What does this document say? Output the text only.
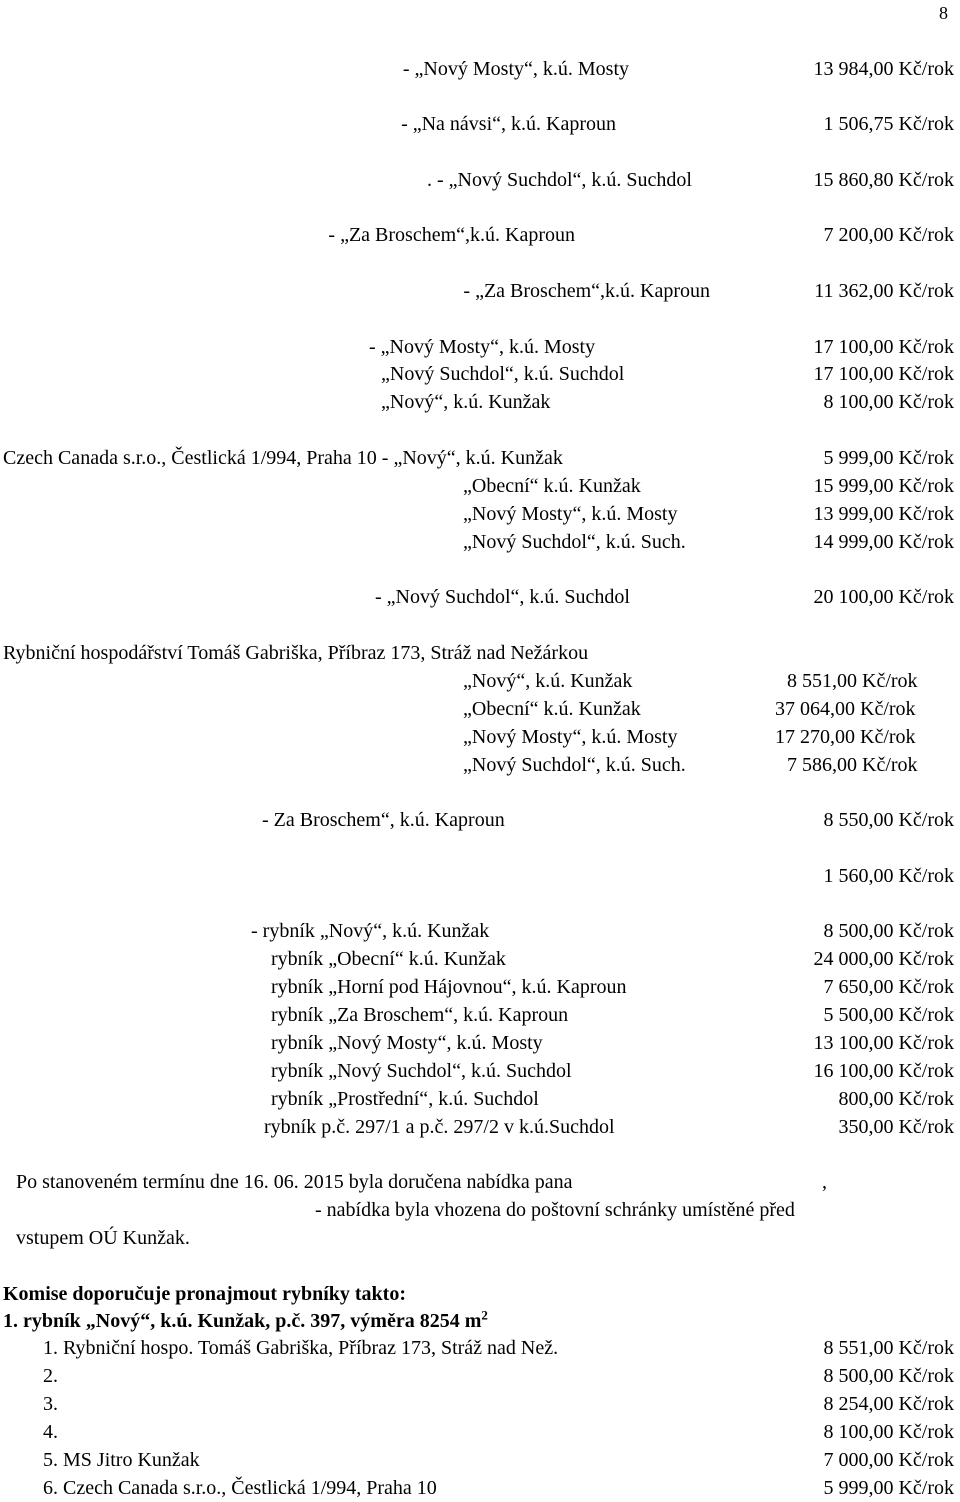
8
- „Nový Mosty“, k.ú. Mosty	13 984,00 Kč/rok
- „Na návsi“, k.ú. Kaproun	1 506,75 Kč/rok
. - „Nový Suchdol“, k.ú. Suchdol	15 860,80 Kč/rok
- „Za Broschem“,k.ú. Kaproun	7 200,00 Kč/rok
- „Za Broschem“,k.ú. Kaproun	11 362,00 Kč/rok
- „Nový Mosty“, k.ú. Mosty	17 100,00 Kč/rok
„Nový Suchdol“, k.ú. Suchdol	17 100,00 Kč/rok
„Nový“, k.ú. Kunžak	8 100,00 Kč/rok
Czech Canada s.r.o., Čestlická 1/994, Praha 10 - „Nový“, k.ú. Kunžak	5 999,00 Kč/rok
„Obecní“ k.ú. Kunžak	15 999,00 Kč/rok
„Nový Mosty“, k.ú. Mosty	13 999,00 Kč/rok
„Nový Suchdol“, k.ú. Such.	14 999,00 Kč/rok
- „Nový Suchdol“, k.ú. Suchdol	20 100,00 Kč/rok
Rybniční hospodářství Tomáš Gabriška, Příbraz 173, Stráž nad Nežárkou
„Nový“, k.ú. Kunžak	8 551,00 Kč/rok
„Obecní“ k.ú. Kunžak	37 064,00 Kč/rok
„Nový Mosty“, k.ú. Mosty	17 270,00 Kč/rok
„Nový Suchdol“, k.ú. Such.	7 586,00 Kč/rok
- Za Broschem“, k.ú. Kaproun	8 550,00 Kč/rok
1 560,00 Kč/rok
- rybník „Nový“, k.ú. Kunžak	8 500,00 Kč/rok
rybník „Obecní“ k.ú. Kunžak	24 000,00 Kč/rok
rybník „Horní pod Hájovnou“, k.ú. Kaproun	7 650,00 Kč/rok
rybník „Za Broschem“, k.ú. Kaproun	5 500,00 Kč/rok
rybník „Nový Mosty“, k.ú. Mosty	13 100,00 Kč/rok
rybník „Nový Suchdol“, k.ú. Suchdol	16 100,00 Kč/rok
rybník „Prostřední“, k.ú. Suchdol	800,00 Kč/rok
rybník p.č. 297/1 a p.č. 297/2 v k.ú.Suchdol	350,00 Kč/rok
Po stanoveném termínu dne 16. 06. 2015 byla doručena nabídka pana	,
- nabídka byla vhozena do poštovní schránky umístěné před
vstupem OÚ Kunžak.
Komise doporučuje pronajmout rybníky takto:
1. rybník „Nový“, k.ú. Kunžak, p.č. 397, výměra 8254 $m^2$
1. Rybniční hospo. Tomáš Gabriška, Příbraz 173, Stráž nad Než.	8 551,00 Kč/rok
2.	8 500,00 Kč/rok
3.	8 254,00 Kč/rok
4.	8 100,00 Kč/rok
5. MS Jitro Kunžak	7 000,00 Kč/rok
6. Czech Canada s.r.o., Čestlická 1/994, Praha 10	5 999,00 Kč/rok
